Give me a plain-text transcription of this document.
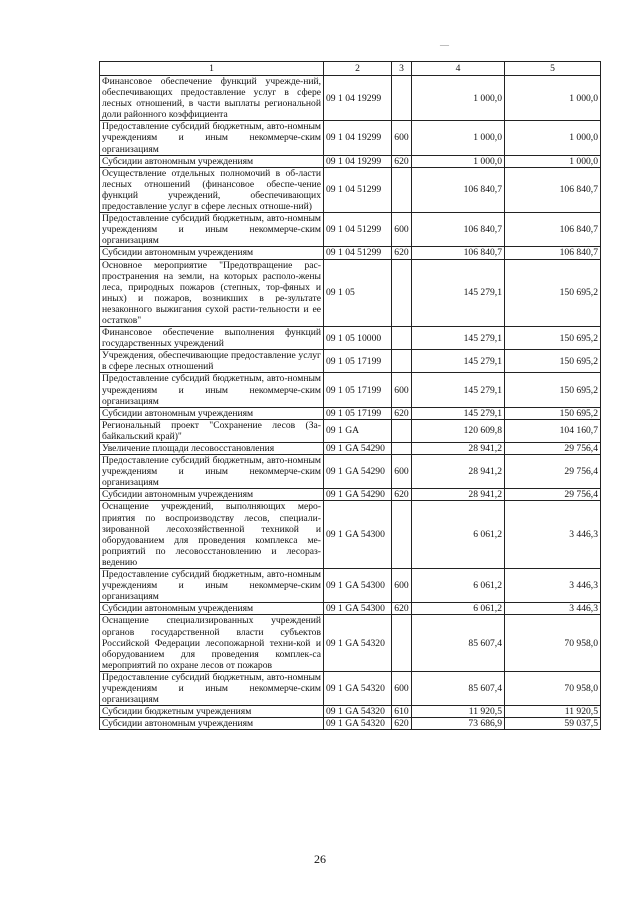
—
1	2	3	4	5
Финансовое обеспечение функций учрежде-ний, обеспечивающих предоставление услуг в сфере лесных отношений, в части выплаты региональной доли районного коэффициента	09 1 04 19299		1 000,0	1 000,0
Предоставление субсидий бюджетным, авто-номным учреждениям и иным некоммерче-ским организациям	09 1 04 19299	600	1 000,0	1 000,0
Субсидии автономным учреждениям	09 1 04 19299	620	1 000,0	1 000,0
Осуществление отдельных полномочий в об-ласти лесных отношений (финансовое обеспе-чение функций учреждений, обеспечивающих предоставление услуг в сфере лесных отноше-ний)	09 1 04 51299		106 840,7	106 840,7
Предоставление субсидий бюджетным, авто-номным учреждениям и иным некоммерче-ским организациям	09 1 04 51299	600	106 840,7	106 840,7
Субсидии автономным учреждениям	09 1 04 51299	620	106 840,7	106 840,7
Основное мероприятие "Предотвращение рас-пространения на земли, на которых располо-жены леса, природных пожаров (степных, тор-фяных и иных) и пожаров, возникших в ре-зультате незаконного выжигания сухой расти-тельности и ее остатков"	09 1 05		145 279,1	150 695,2
Финансовое обеспечение выполнения функций государственных учреждений	09 1 05 10000		145 279,1	150 695,2
Учреждения, обеспечивающие предоставление услуг в сфере лесных отношений	09 1 05 17199		145 279,1	150 695,2
Предоставление субсидий бюджетным, авто-номным учреждениям и иным некоммерче-ским организациям	09 1 05 17199	600	145 279,1	150 695,2
Субсидии автономным учреждениям	09 1 05 17199	620	145 279,1	150 695,2
Региональный проект "Сохранение лесов (За-байкальский край)"	09 1 GA		120 609,8	104 160,7
Увеличение площади лесовосстановления	09 1 GA 54290		28 941,2	29 756,4
Предоставление субсидий бюджетным, авто-номным учреждениям и иным некоммерче-ским организациям	09 1 GA 54290	600	28 941,2	29 756,4
Субсидии автономным учреждениям	09 1 GA 54290	620	28 941,2	29 756,4
Оснащение учреждений, выполняющих меро-приятия по воспроизводству лесов, специали-зированной лесохозяйственной техникой и оборудованием для проведения комплекса ме-роприятий по лесовосстановлению и лесораз-ведению	09 1 GA 54300		6 061,2	3 446,3
Предоставление субсидий бюджетным, авто-номным учреждениям и иным некоммерче-ским организациям	09 1 GA 54300	600	6 061,2	3 446,3
Субсидии автономным учреждениям	09 1 GA 54300	620	6 061,2	3 446,3
Оснащение специализированных учреждений органов государственной власти субъектов Российской Федерации лесопожарной техни-кой и оборудованием для проведения комплек-са мероприятий по охране лесов от пожаров	09 1 GA 54320		85 607,4	70 958,0
Предоставление субсидий бюджетным, авто-номным учреждениям и иным некоммерче-ским организациям	09 1 GA 54320	600	85 607,4	70 958,0
Субсидии бюджетным учреждениям	09 1 GA 54320	610	11 920,5	11 920,5
Субсидии автономным учреждениям	09 1 GA 54320	620	73 686,9	59 037,5
26
